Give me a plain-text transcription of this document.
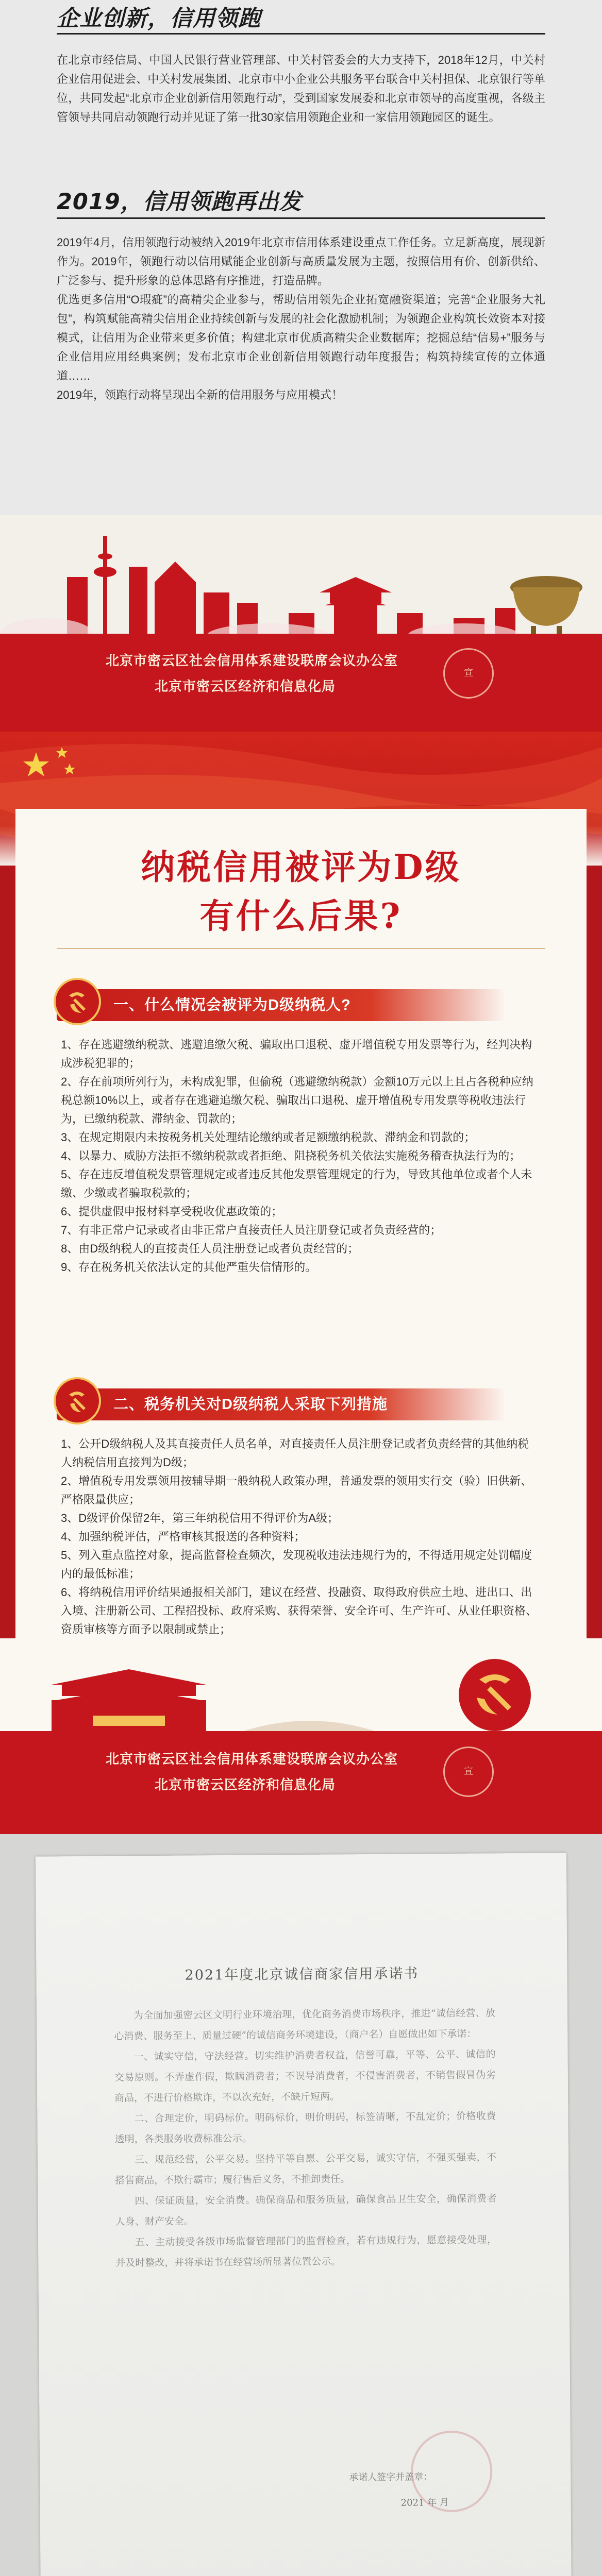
企业创新，信用领跑
在北京市经信局、中国人民银行营业管理部、中关村管委会的大力支持下，2018年12月，中关村企业信用促进会、中关村发展集团、北京市中小企业公共服务平台联合中关村担保、北京银行等单位，共同发起“北京市企业创新信用领跑行动”，受到国家发展委和北京市领导的高度重视，各级主管领导共同启动领跑行动并见证了第一批30家信用领跑企业和一家信用领跑园区的诞生。
2019，信用领跑再出发
2019年4月，信用领跑行动被纳入2019年北京市信用体系建设重点工作任务。立足新高度，展现新作为。2019年，领跑行动以信用赋能企业创新与高质量发展为主题，按照信用有价、创新供给、广泛参与、提升形象的总体思路有序推进，打造品牌。
优选更多信用“O瑕疵”的高精尖企业参与，帮助信用领先企业拓宽融资渠道；完善“企业服务大礼包”，构筑赋能高精尖信用企业持续创新与发展的社会化激励机制；为领跑企业构筑长效资本对接模式，让信用为企业带来更多价值；构建北京市优质高精尖企业数据库；挖掘总结“信易+”服务与企业信用应用经典案例；发布北京市企业创新信用领跑行动年度报告；构筑持续宣传的立体通道……
2019年，领跑行动将呈现出全新的信用服务与应用模式！
北京市密云区社会信用体系建设联席会议办公室
北京市密云区经济和信息化局
宣
纳税信用被评为D级
有什么后果?
一、什么情况会被评为D级纳税人?
1、存在逃避缴纳税款、逃避追缴欠税、骗取出口退税、虚开增值税专用发票等行为，经判决构成涉税犯罪的；
2、存在前项所列行为，未构成犯罪，但偷税（逃避缴纳税款）金额10万元以上且占各税种应纳税总额10%以上，或者存在逃避追缴欠税、骗取出口退税、虚开增值税专用发票等税收违法行为，已缴纳税款、滞纳金、罚款的；
3、在规定期限内未按税务机关处理结论缴纳或者足额缴纳税款、滞纳金和罚款的；
4、以暴力、威胁方法拒不缴纳税款或者拒绝、阻挠税务机关依法实施税务稽查执法行为的；
5、存在违反增值税发票管理规定或者违反其他发票管理规定的行为，导致其他单位或者个人未缴、少缴或者骗取税款的；
6、提供虚假申报材料享受税收优惠政策的；
7、有非正常户记录或者由非正常户直接责任人员注册登记或者负责经营的；
8、由D级纳税人的直接责任人员注册登记或者负责经营的；
9、存在税务机关依法认定的其他严重失信情形的。
二、税务机关对D级纳税人采取下列措施
1、公开D级纳税人及其直接责任人员名单，对直接责任人员注册登记或者负责经营的其他纳税人纳税信用直接判为D级；
2、增值税专用发票领用按辅导期一般纳税人政策办理，普通发票的领用实行交（验）旧供新、严格限量供应；
3、D级评价保留2年，第三年纳税信用不得评价为A级；
4、加强纳税评估，严格审核其报送的各种资料；
5、列入重点监控对象，提高监督检查频次，发现税收违法违规行为的，不得适用规定处罚幅度内的最低标准；
6、将纳税信用评价结果通报相关部门，建议在经营、投融资、取得政府供应土地、进出口、出入境、注册新公司、工程招投标、政府采购、获得荣誉、安全许可、生产许可、从业任职资格、资质审核等方面予以限制或禁止；
北京市密云区社会信用体系建设联席会议办公室
北京市密云区经济和信息化局
宣
2021年度北京诚信商家信用承诺书

为全面加强密云区文明行业环境治理，优化商务消费市场秩序，推进“诚信经营、放心消费、服务至上、质量过硬”的诚信商务环境建设，（商户名）自愿做出如下承诺：

一、诚实守信，守法经营。切实维护消费者权益，信誉可靠，平等、公平、诚信的交易原则。不弄虚作假，欺瞒消费者；不误导消费者，不侵害消费者，不销售假冒伪劣商品，不进行价格欺诈，不以次充好，不缺斤短两。

二、合理定价，明码标价。明码标价，明价明码，标签清晰，不乱定价；价格收费透明，各类服务收费标准公示。

三、规范经营，公平交易。坚持平等自愿、公平交易，诚实守信，不强买强卖，不搭售商品，不欺行霸市；履行售后义务，不推卸责任。

四、保证质量，安全消费。确保商品和服务质量，确保食品卫生安全，确保消费者人身、财产安全。

五、主动接受各级市场监督管理部门的监督检查，若有违规行为，愿意接受处理，并及时整改，并将承诺书在经营场所显著位置公示。

承诺人签字并盖章：
2021 年 月
